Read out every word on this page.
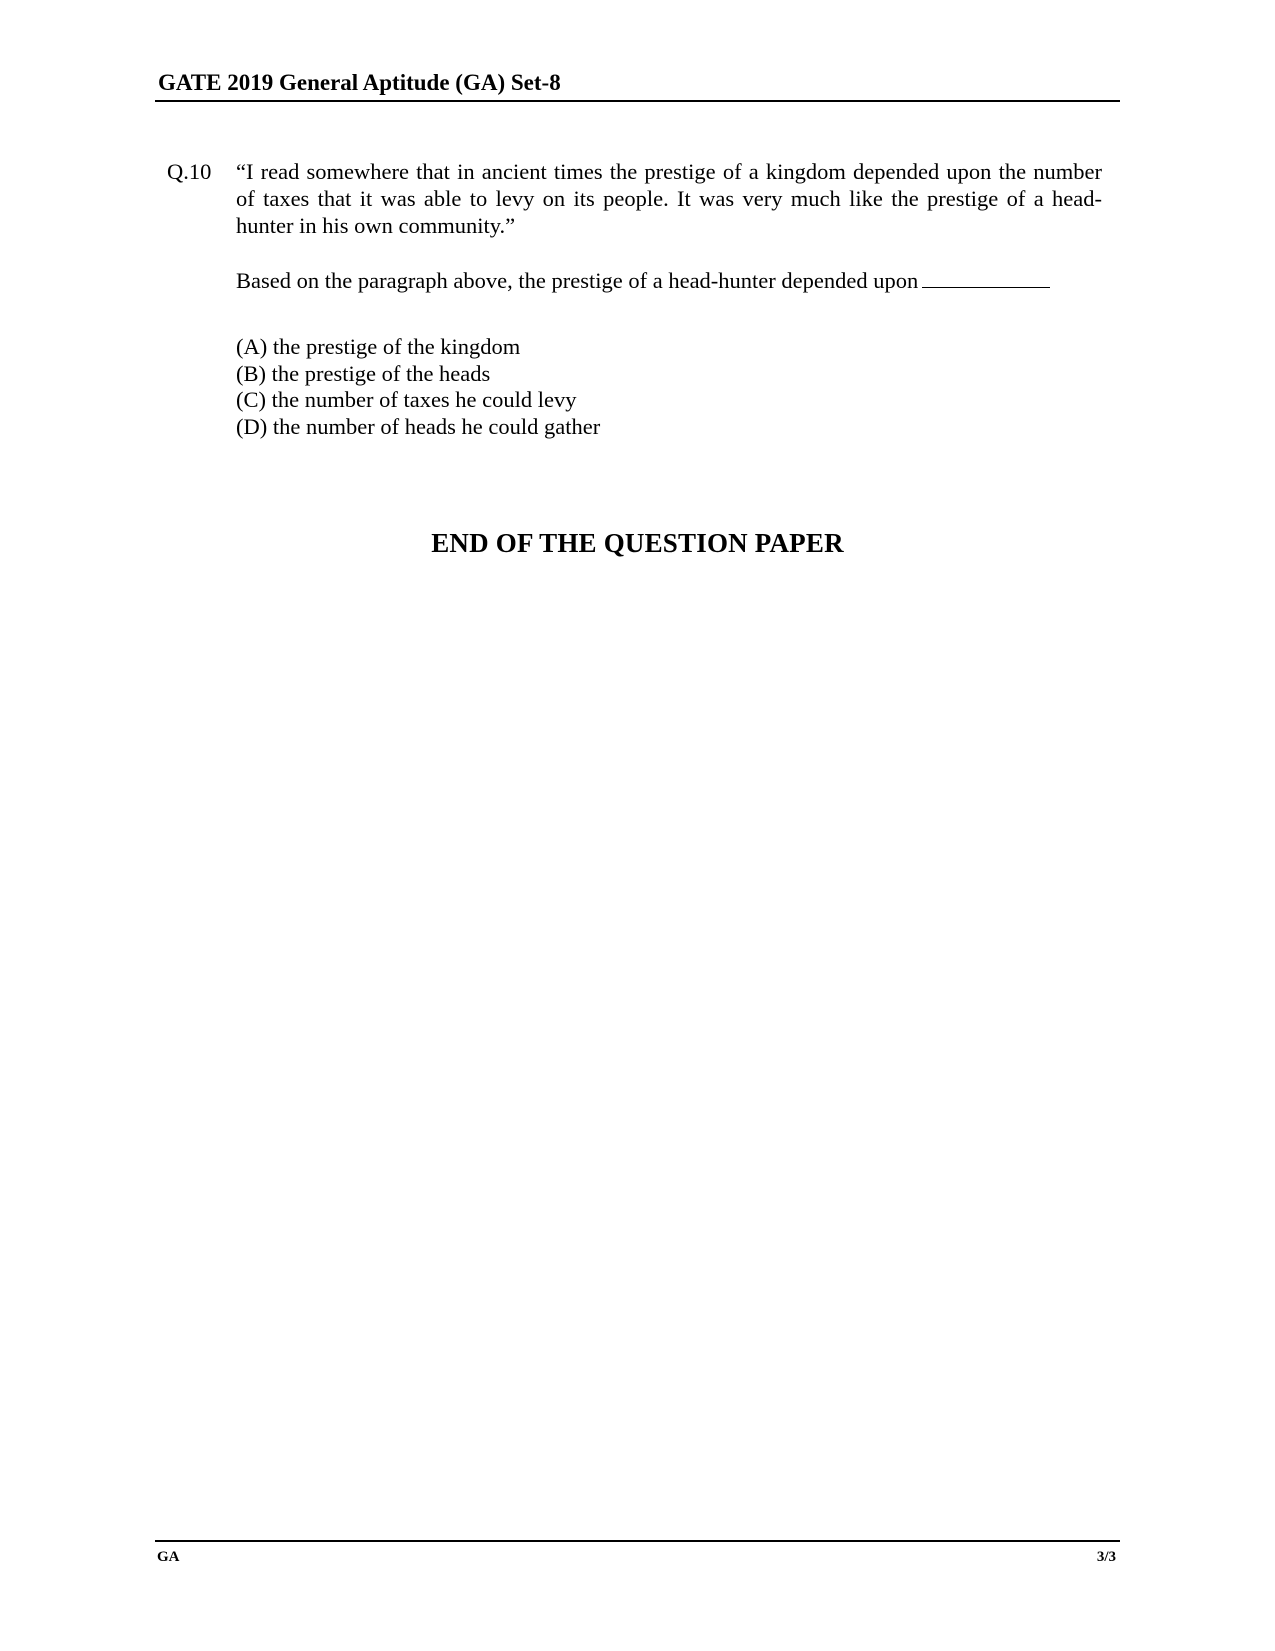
GATE 2019 General Aptitude (GA) Set-8
Q.10 “I read somewhere that in ancient times the prestige of a kingdom depended upon the number of taxes that it was able to levy on its people. It was very much like the prestige of a head-hunter in his own community.”

Based on the paragraph above, the prestige of a head-hunter depended upon

(A) the prestige of the kingdom
(B) the prestige of the heads
(C) the number of taxes he could levy
(D) the number of heads he could gather
END OF THE QUESTION PAPER
GA	3/3
